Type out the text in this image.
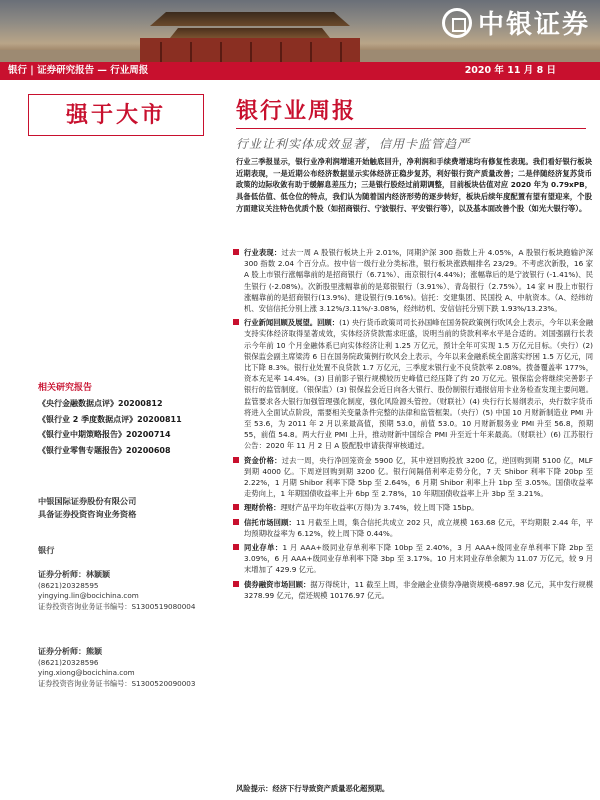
中银证券
银行 | 证券研究报告 — 行业周报	2020 年 11 月 8 日
强于大市
相关研究报告
《央行金融数据点评》20200812
《银行业 2 季度数据点评》20200811
《银行业中期策略报告》20200714
《银行业零售专题报告》20200608
中银国际证券股份有限公司
具备证券投资咨询业务资格
银行
证券分析师：林颖颖
(8621)20328595
yingying.lin@bocichina.com
证券投资咨询业务证书编号：S1300519080004
证券分析师：熊颖
(8621)20328596
ying.xiong@bocichina.com
证券投资咨询业务证书编号：S1300520090003
银行业周报
行业让利实体成效显著，信用卡监管趋严
行业三季报显示，银行业净利润增速开始触底回升，净利润和手续费增速均有修复性表现。我们看好银行板块近期表现，一是近期公布经济数据显示实体经济正稳步复苏，利好银行资产质量改善；二是伴随经济复苏货币政策的边际收敛有助于缓解息差压力；三是银行股经过前期调整，目前板块估值对应 2020 年为 0.79xPB，具备低估值、低仓位的特点，我们认为随着国内经济形势的逐步转好，板块后续年度配置有望有望迎来，个股方面建议关注特色优质个股（如招商银行、宁波银行、平安银行等），以及基本面改善个股（如光大银行等）。
行业表现：过去一周 A 股银行板块上升 2.01%，同期沪深 300 指数上升 4.05%，A 股银行板块跑输沪深 300 指数 2.04 个百分点。按中信一级行业分类标准，银行板块涨跌幅排名 23/29。不考虑次新股，16 家 A 股上市银行涨幅靠前的是招商银行（6.71%）、南京银行(4.44%)；涨幅靠后的是宁波银行 (-1.41%)、民生银行 (-2.08%)。次新股里涨幅靠前的是郑银银行（3.91%）、青岛银行（2.75%）。14 家 H 股上市银行涨幅靠前的是招商银行(13.9%)、建设银行(9.16%)。信托：交建集团、民国投 A、中航资本。（A、经纬纺机、安信信托分别上涨 3.12%/3.11%/-3.08%，经纬纺机、安信信托分别下跌 1.93%/13.23%。
行业新闻回顾及展望。回顾：(1) 央行货币政策司司长孙国峰在国务院政策例行吹风会上表示，今年以来金融支持实体经济取得显著成效，实体经济贷款需求旺盛，说明当前的贷款利率水平是合适的。刘国强副行长表示今年前 10 个月金融体系已向实体经济让利 1.25 万亿元，预计全年可实现 1.5 万亿元目标。（央行）(2) 银保监会副主席梁涛 6 日在国务院政策例行吹风会上表示，今年以来金融系统全面落实纾困 1.5 万亿元，同比下降 8.3%。银行业处置不良贷款 1.7 万亿元，三季度末银行业不良贷款率 2.08%。拨备覆盖率 177%，资本充足率 14.4%。(3) 目前影子银行规模较历史峰值已经压降了约 20 万亿元。银保监会将继续完善影子银行的监管制度。（银保监）(3) 银保监会近日向各大银行、股份制银行通报信用卡业务检查发现主要问题。监管要求各大银行加强管理强化制度，强化风险源头管控。（财联社）(4) 央行行长易纲表示，央行数字货币将进入全面试点阶段，需要相关变量条件完整的法律和监管框架。（央行）(5) 中国 10 月财新制造业 PMI 升至 53.6，为 2011 年 2 月以来最高值，预期 53.0，前值 53.0。10 月财新服务业 PMI 升至 56.8，预期 55，前值 54.8。两大行业 PMI 上升，推动财新中国综合 PMI 升至近十年来最高。（财联社）(6) 江苏银行公告：2020 年 11 月 2 日 A 股配股申请获得审核通过。
资金价格：过去一周，央行净回笼资金 5900 亿，其中逆回购投放 3200 亿，逆回购到期 5100 亿，MLF 到期 4000 亿。下周逆回购到期 3200 亿。银行间隔借利率走势分化，7 天 Shibor 利率下降 20bp 至 2.22%，1 月期 Shibor 利率下降 5bp 至 2.64%，6 月期 Shibor 利率上升 1bp 至 3.05%。国债收益率走势向上，1 年期国债收益率上升 6bp 至 2.78%，10 年期国债收益率上升 3bp 至 3.21%。
理财价格：理财产品平均年收益率(万得)为 3.74%，较上周下降 15bp。
信托市场回顾：11 月截至上周，集合信托共成立 202 只，成立规模 163.68 亿元，平均期限 2.44 年，平均预期收益率为 6.12%，较上周下降 0.44%。
同业存单：1 月 AAA+级同业存单利率下降 10bp 至 2.40%，3 月 AAA+级同业存单利率下降 2bp 至 3.09%，6 月 AAA+级同业存单利率下降 3bp 至 3.17%。10 月末同业存单余额为 11.07 万亿元，较 9 月末增加了 429.9 亿元。
债券融资市场回顾：据万得统计，11 截至上周，非金融企业债券净融资规模-6897.98 亿元，其中发行规模 3278.99 亿元，偿还规模 10176.97 亿元。
风险提示：经济下行导致资产质量恶化超预期。
